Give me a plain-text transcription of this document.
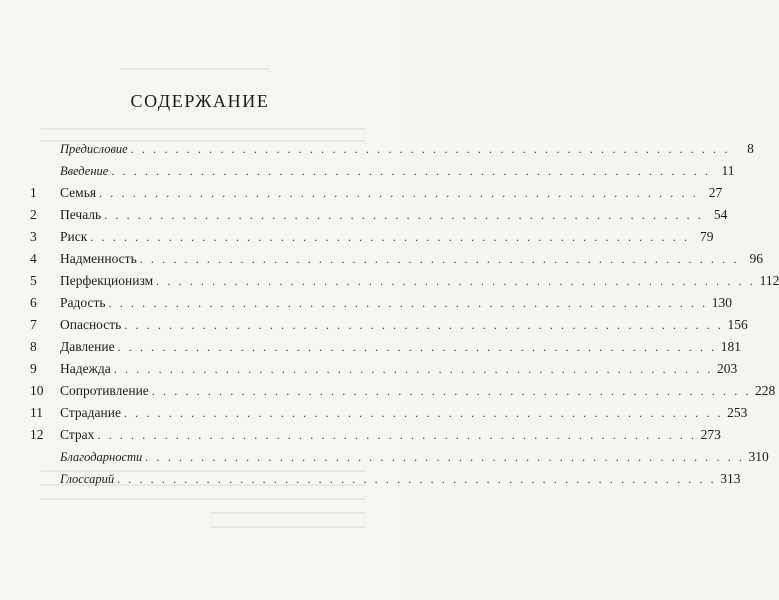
СОДЕРЖАНИЕ
Предисловие . . . . . . . . . . . . . . . . . . . . . . . . . . . . . . . . . . . . . . . . . . . . . . . . . . . . . .	8
Введение . . . . . . . . . . . . . . . . . . . . . . . . . . . . . . . . . . . . . . . . . . . . . . . . . . . . . . 11
1	Семья . . . . . . . . . . . . . . . . . . . . . . . . . . . . . . . . . . . . . . . . . . . . . . . . . . . . . . 27
2	Печаль . . . . . . . . . . . . . . . . . . . . . . . . . . . . . . . . . . . . . . . . . . . . . . . . . . . . . . 54
3	Риск . . . . . . . . . . . . . . . . . . . . . . . . . . . . . . . . . . . . . . . . . . . . . . . . . . . . . . 79
4	Надменность . . . . . . . . . . . . . . . . . . . . . . . . . . . . . . . . . . . . . . . . . . . . . . . . . . . . . . 96
5	Перфекционизм . . . . . . . . . . . . . . . . . . . . . . . . . . . . . . . . . . . . . . . . . . . . . . . . . . . . . . 112
6	Радость . . . . . . . . . . . . . . . . . . . . . . . . . . . . . . . . . . . . . . . . . . . . . . . . . . . . . . 130
7	Опасность . . . . . . . . . . . . . . . . . . . . . . . . . . . . . . . . . . . . . . . . . . . . . . . . . . . . . . 156
8	Давление . . . . . . . . . . . . . . . . . . . . . . . . . . . . . . . . . . . . . . . . . . . . . . . . . . . . . . 181
9	Надежда . . . . . . . . . . . . . . . . . . . . . . . . . . . . . . . . . . . . . . . . . . . . . . . . . . . . . . 203
10	Сопротивление . . . . . . . . . . . . . . . . . . . . . . . . . . . . . . . . . . . . . . . . . . . . . . . . . . . . . . 228
11	Страдание . . . . . . . . . . . . . . . . . . . . . . . . . . . . . . . . . . . . . . . . . . . . . . . . . . . . . . 253
12	Страх . . . . . . . . . . . . . . . . . . . . . . . . . . . . . . . . . . . . . . . . . . . . . . . . . . . . . . 273
Благодарности . . . . . . . . . . . . . . . . . . . . . . . . . . . . . . . . . . . . . . . . . . . . . . . . . . . . . . 310
Глоссарий . . . . . . . . . . . . . . . . . . . . . . . . . . . . . . . . . . . . . . . . . . . . . . . . . . . . . . 313
